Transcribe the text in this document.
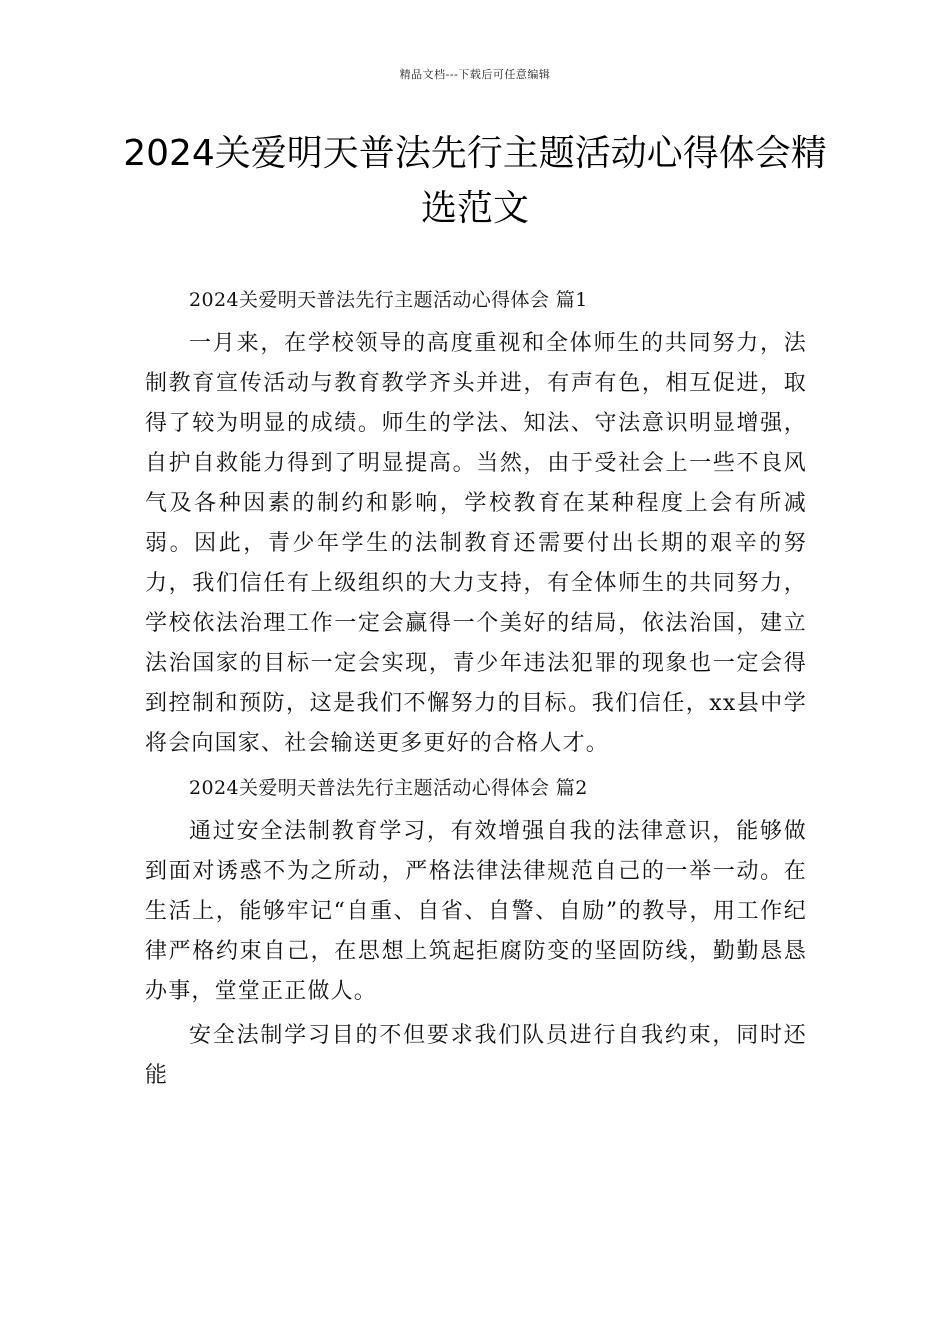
精品文档---下载后可任意编辑
2024关爱明天普法先行主题活动心得体会精选范文

2024关爱明天普法先行主题活动心得体会 篇1

一月来，在学校领导的高度重视和全体师生的共同努力，法制教育宣传活动与教育教学齐头并进，有声有色，相互促进，取得了较为明显的成绩。师生的学法、知法、守法意识明显增强，自护自救能力得到了明显提高。当然，由于受社会上一些不良风气及各种因素的制约和影响，学校教育在某种程度上会有所减弱。因此，青少年学生的法制教育还需要付出长期的艰辛的努力，我们信任有上级组织的大力支持，有全体师生的共同努力，学校依法治理工作一定会赢得一个美好的结局，依法治国，建立法治国家的目标一定会实现，青少年违法犯罪的现象也一定会得到控制和预防，这是我们不懈努力的目标。我们信任，xx县中学将会向国家、社会输送更多更好的合格人才。

2024关爱明天普法先行主题活动心得体会 篇2

通过安全法制教育学习，有效增强自我的法律意识，能够做到面对诱惑不为之所动，严格法律法律规范自己的一举一动。在生活上，能够牢记“自重、自省、自警、自励”的教导，用工作纪律严格约束自己，在思想上筑起拒腐防变的坚固防线，勤勤恳恳办事，堂堂正正做人。

安全法制学习目的不但要求我们队员进行自我约束，同时还能
